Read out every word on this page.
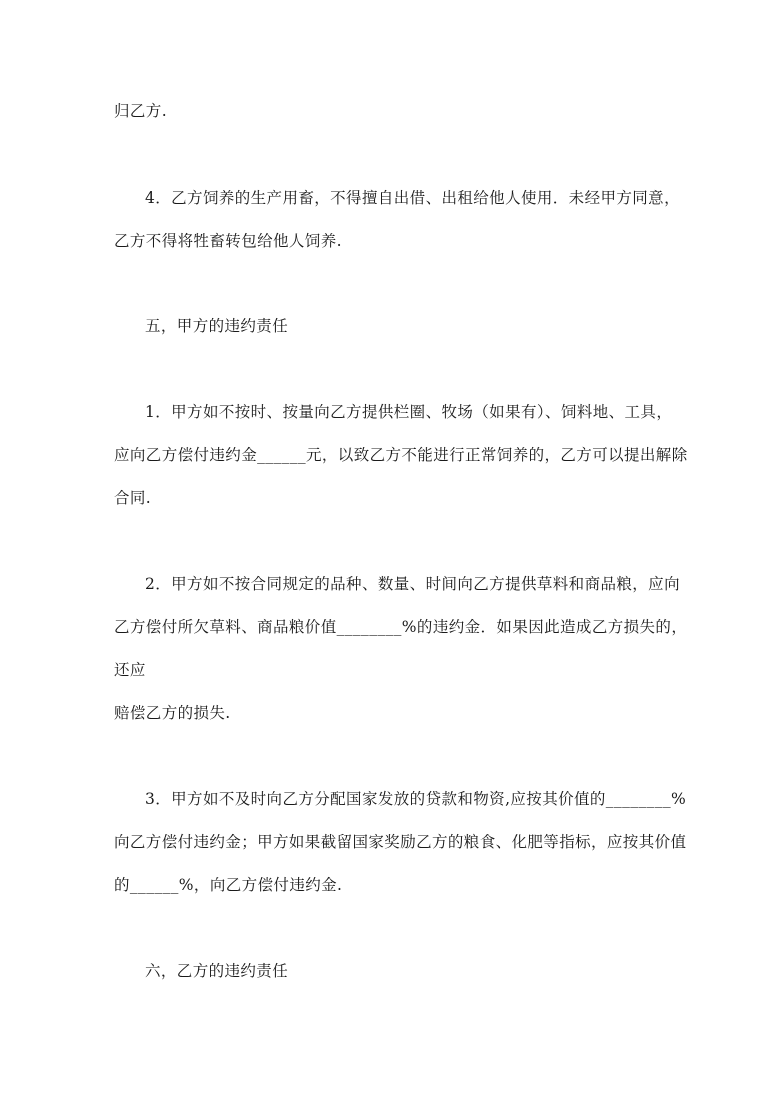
归乙方.
4．乙方饲养的生产用畜，不得擅自出借、出租给他人使用．未经甲方同意，
乙方不得将牲畜转包给他人饲养.
五，甲方的违约责任
1．甲方如不按时、按量向乙方提供栏圈、牧场（如果有）、饲料地、工具，
应向乙方偿付违约金______元，以致乙方不能进行正常饲养的，乙方可以提出解除
合同.
2．甲方如不按合同规定的品种、数量、时间向乙方提供草料和商品粮，应向
乙方偿付所欠草料、商品粮价值________%的违约金．如果因此造成乙方损失的，
还应
赔偿乙方的损失.
3．甲方如不及时向乙方分配国家发放的贷款和物资,应按其价值的________%
向乙方偿付违约金；甲方如果截留国家奖励乙方的粮食、化肥等指标，应按其价值
的______%，向乙方偿付违约金.
六，乙方的违约责任
